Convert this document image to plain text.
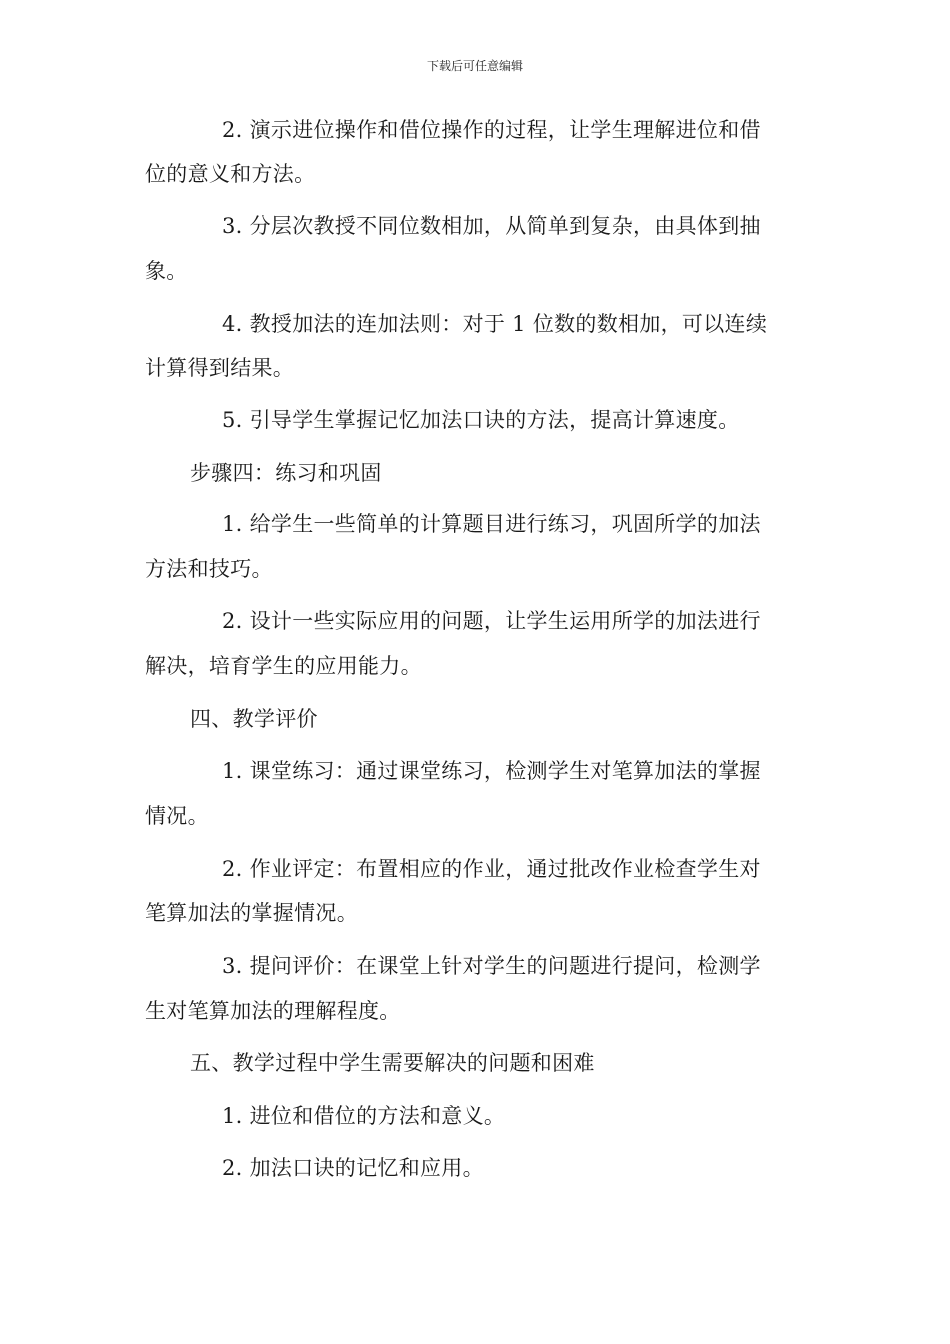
下载后可任意编辑
2. 演示进位操作和借位操作的过程，让学生理解进位和借
位的意义和方法。
3. 分层次教授不同位数相加，从简单到复杂，由具体到抽
象。
4. 教授加法的连加法则：对于 1 位数的数相加，可以连续
计算得到结果。
5. 引导学生掌握记忆加法口诀的方法，提高计算速度。
步骤四：练习和巩固
1. 给学生一些简单的计算题目进行练习，巩固所学的加法
方法和技巧。
2. 设计一些实际应用的问题，让学生运用所学的加法进行
解决，培育学生的应用能力。
四、教学评价
1. 课堂练习：通过课堂练习，检测学生对笔算加法的掌握
情况。
2. 作业评定：布置相应的作业，通过批改作业检查学生对
笔算加法的掌握情况。
3. 提问评价：在课堂上针对学生的问题进行提问，检测学
生对笔算加法的理解程度。
五、教学过程中学生需要解决的问题和困难
1. 进位和借位的方法和意义。
2. 加法口诀的记忆和应用。
